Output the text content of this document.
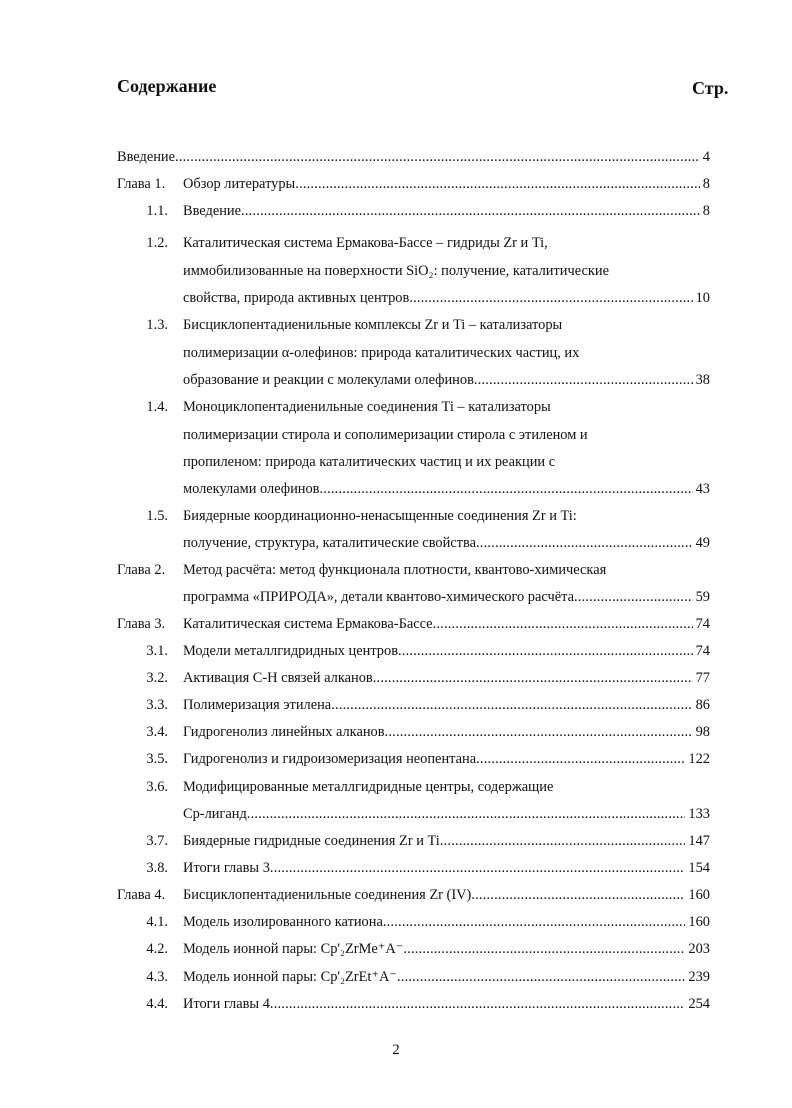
Содержание	Стр.
Введение .....	4
Глава 1. Обзор литературы .....	8
1.1. Введение .....	8
1.2. Каталитическая система Ермакова-Бассе – гидриды Zr и Ti,
иммобилизованные на поверхности SiO₂: получение, каталитические
свойства, природа активных центров .....	10
1.3. Бисциклопентадиенильные комплексы Zr и Ti – катализаторы
полимеризации α-олефинов: природа каталитических частиц, их
образование и реакции с молекулами олефинов .....	38
1.4. Моноциклопентадиенильные соединения Ti – катализаторы
полимеризации стирола и сополимеризации стирола с этиленом и
пропиленом: природа каталитических частиц и их реакции с
молекулами олефинов .....	43
1.5. Биядерные координационно-ненасыщенные соединения Zr и Ti:
получение, структура, каталитические свойства .....	49
Глава 2. Метод расчёта: метод функционала плотности, квантово-химическая
программа «ПРИРОДА», детали квантово-химического расчёта .....	59
Глава 3. Каталитическая система Ермакова-Бассе .....	74
3.1. Модели металлгидридных центров .....	74
3.2. Активация C-H связей алканов .....	77
3.3. Полимеризация этилена .....	86
3.4. Гидрогенолиз линейных алканов .....	98
3.5. Гидрогенолиз и гидроизомеризация неопентана .....	122
3.6. Модифицированные металлгидридные центры, содержащие
Cp-лиганд .....	133
3.7. Биядерные гидридные соединения Zr и Ti .....	147
3.8. Итоги главы 3 .....	154
Глава 4. Бисциклопентадиенильные соединения Zr (IV) .....	160
4.1. Модель изолированного катиона .....	160
4.2. Модель ионной пары: Cp'₂ZrMe⁺A⁻ .....	203
4.3. Модель ионной пары: Cp'₂ZrEt⁺A⁻ .....	239
4.4. Итоги главы 4 .....	254
2
